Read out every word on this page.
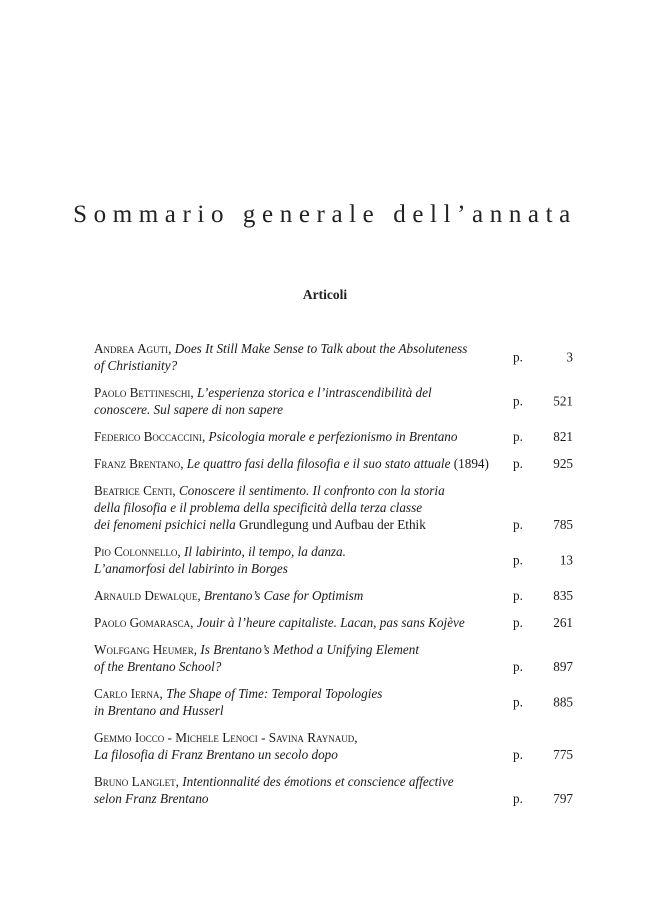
Sommario generale dell’annata
Articoli
Andrea Aguti, Does It Still Make Sense to Talk about the Absoluteness
of Christianity?
p.	3
Paolo Bettineschi, L’esperienza storica e l’intrascendibilità del
conoscere. Sul sapere di non sapere
p.	521
Federico Boccaccini, Psicologia morale e perfezionismo in Brentano	p.	821
Franz Brentano, Le quattro fasi della filosofia e il suo stato attuale (1894)	p.	925
Beatrice Centi, Conoscere il sentimento. Il confronto con la storia
della filosofia e il problema della specificità della terza classe
dei fenomeni psichici nella Grundlegung und Aufbau der Ethik	p.	785
Pio Colonnello, Il labirinto, il tempo, la danza.
L’anamorfosi del labirinto in Borges
p.	13
Arnauld Dewalque, Brentano’s Case for Optimism	p.	835
Paolo Gomarasca, Jouir à l’heure capitaliste. Lacan, pas sans Kojève	p.	261
Wolfgang Heumer, Is Brentano’s Method a Unifying Element
of the Brentano School?	p.	897
Carlo Ierna, The Shape of Time: Temporal Topologies
in Brentano and Husserl
p.	885
Gemmo Iocco - Michele Lenoci - Savina Raynaud,
La filosofia di Franz Brentano un secolo dopo	p.	775
Bruno Langlet, Intentionnalité des émotions et conscience affective
selon Franz Brentano	p.	797
